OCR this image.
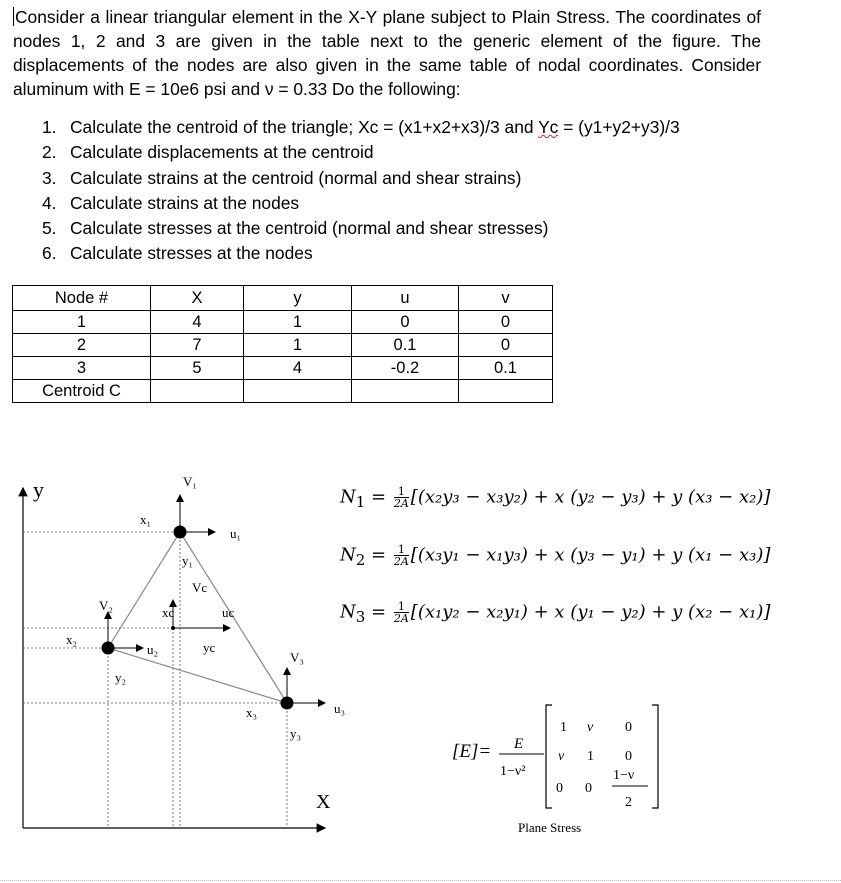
Consider a linear triangular element in the X-Y plane subject to Plain Stress. The coordinates of nodes 1, 2 and 3 are given in the table next to the generic element of the figure. The displacements of the nodes are also given in the same table of nodal coordinates. Consider aluminum with E = 10e6 psi and ν = 0.33 Do the following:
1. Calculate the centroid of the triangle; Xc = (x1+x2+x3)/3 and Yc = (y1+y2+y3)/3
2. Calculate displacements at the centroid
3. Calculate strains at the centroid (normal and shear strains)
4. Calculate strains at the nodes
5. Calculate stresses at the centroid (normal and shear stresses)
6. Calculate stresses at the nodes
Node #	X	y	u	v
1	4	1	0	0
2	7	1	0.1	0
3	5	4	-0.2	0.1
Centroid C				
y
X
V₁
x₁
y₁
u₁
V₂
x₂
y₂
u₂
V₃
x₃
y₃
u₃
Vc
xc
yc
uc
[E]= E
1−ν²
1 ν 0
ν 1 0
0 0
1−ν
2
Plane Stress
$N_1 = \frac{1}{2A} [(x_2y_3 - x_3y_2) + x$ (y₂ − y₃) + y (x₃ − x₂)]
$N_2 = \frac{1}{2A} [(x_3y_1 - x_1y_3) + x$ (y₃ − y₁) + y (x₁ − x₃)]
$N_3 = \frac{1}{2A} [(x_1y_2 - x_2y_1) + x$ (y₁ − y₂) + y (x₂ − x₁)]
